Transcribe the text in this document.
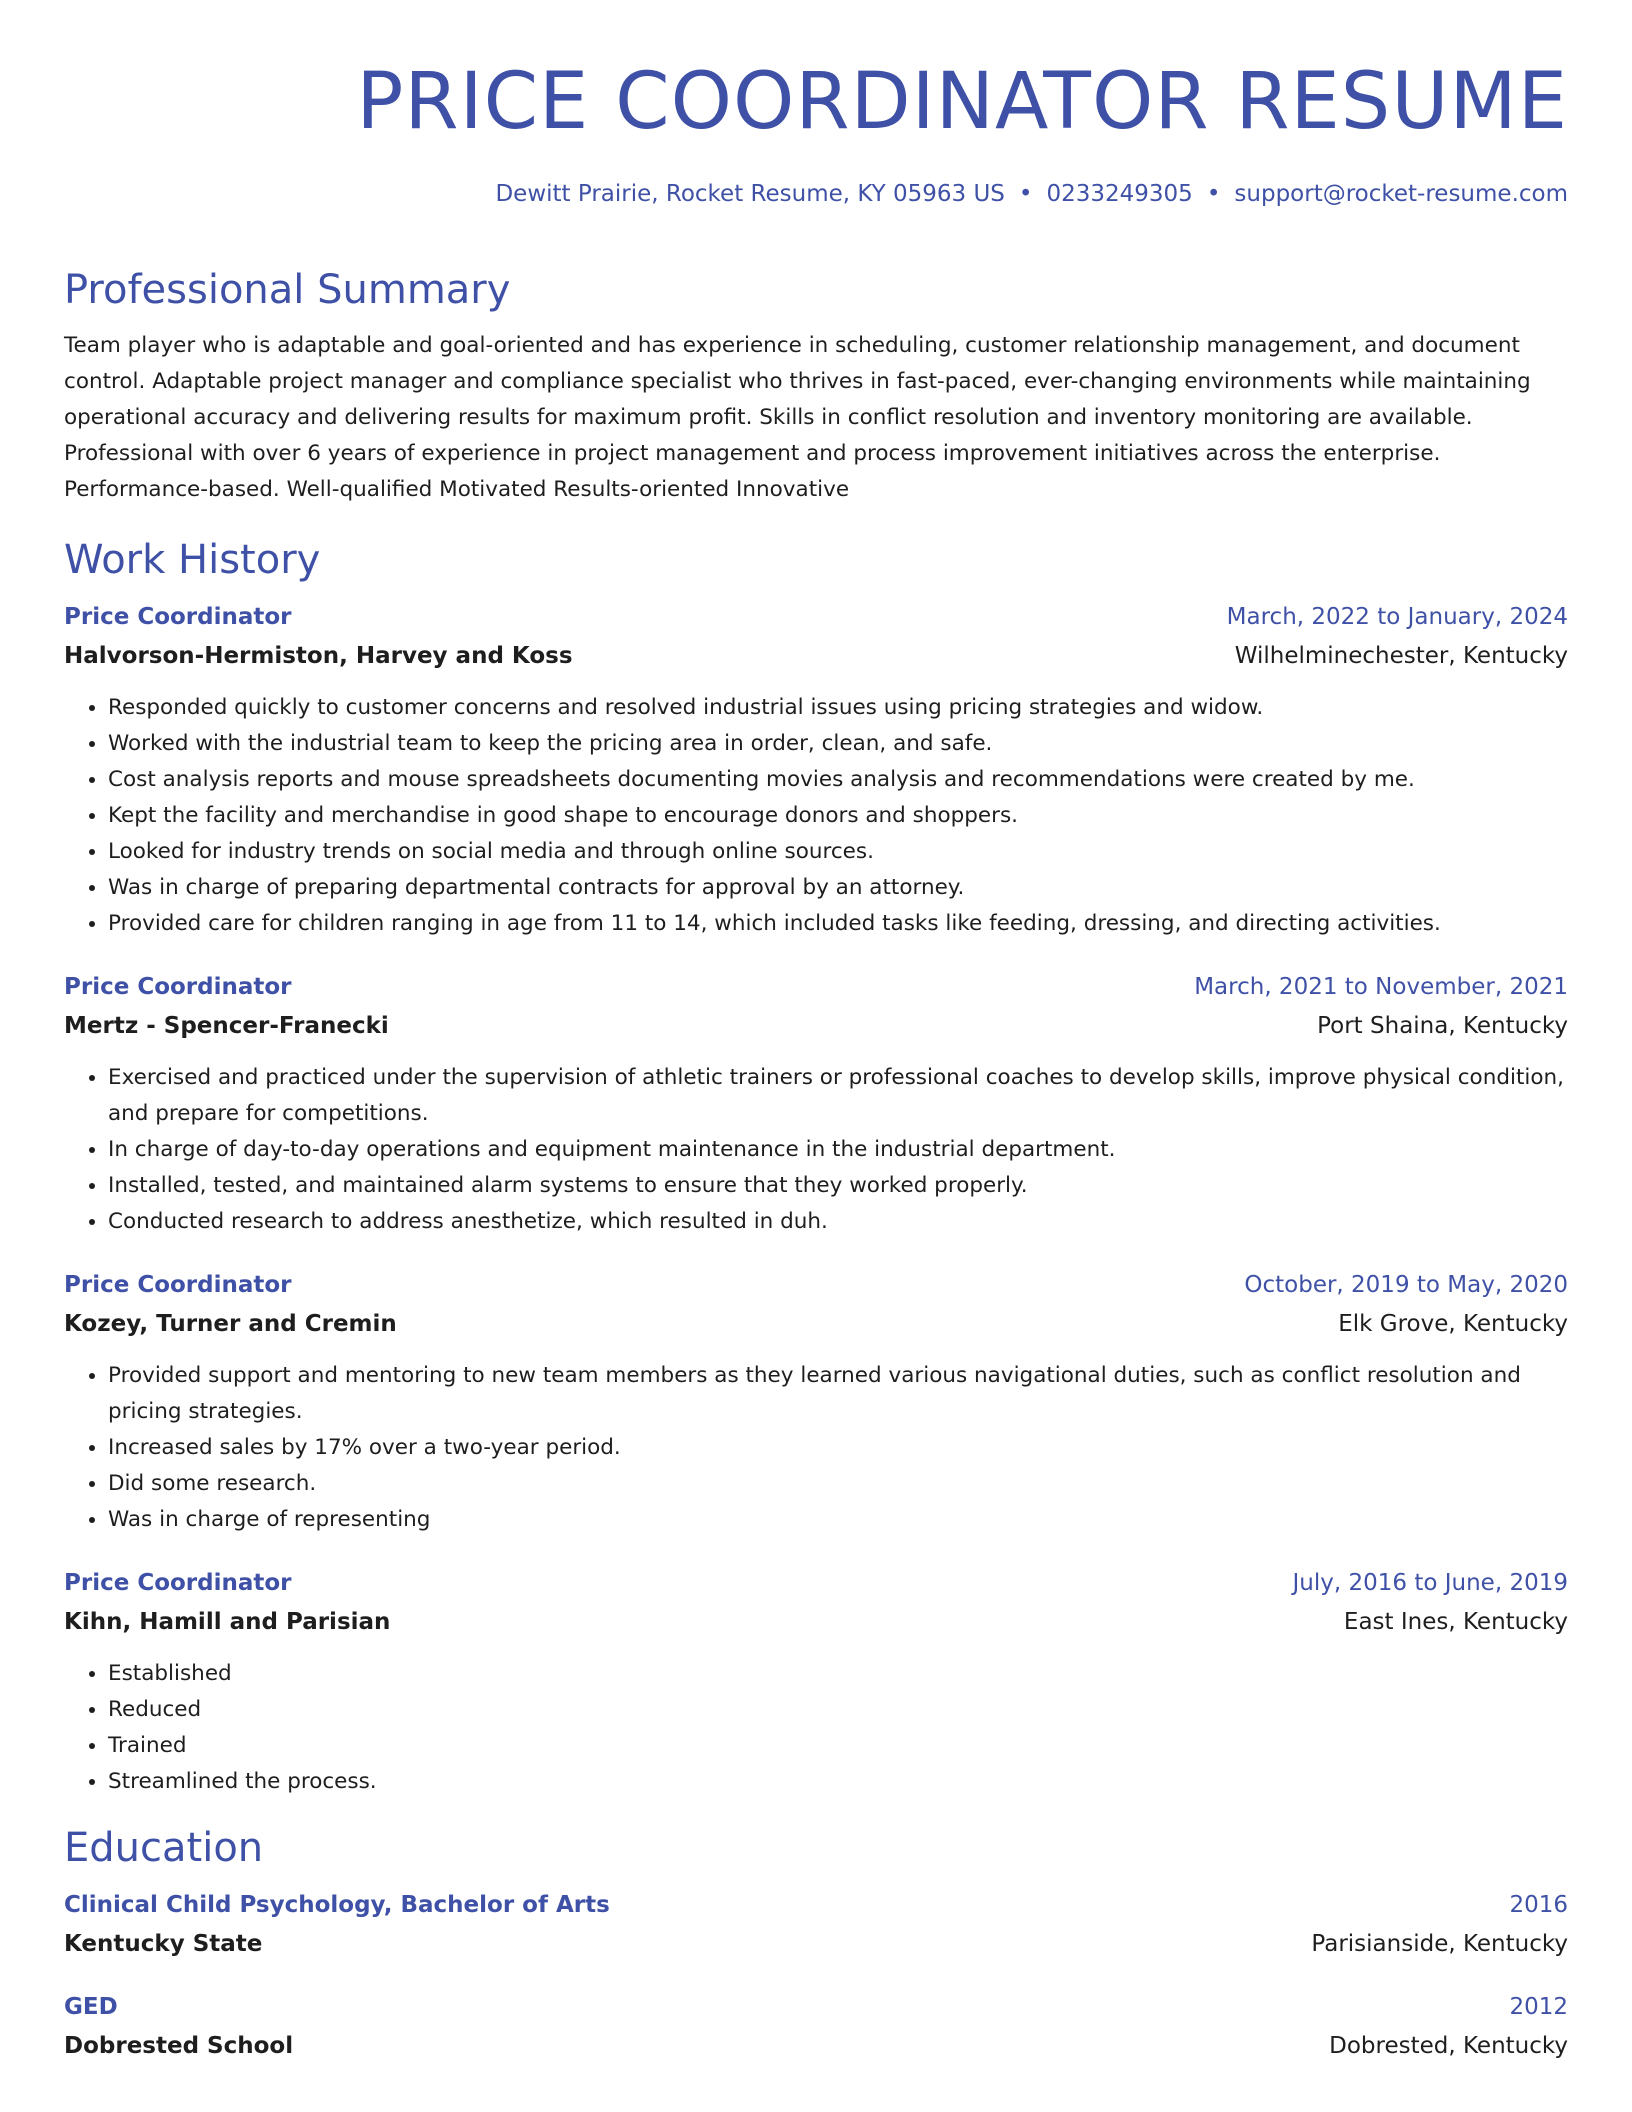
PRICE COORDINATOR RESUME
Dewitt Prairie, Rocket Resume, KY 05963 US • 0233249305 • support@rocket-resume.com
Professional Summary
Team player who is adaptable and goal-oriented and has experience in scheduling, customer relationship management, and document control. Adaptable project manager and compliance specialist who thrives in fast-paced, ever-changing environments while maintaining operational accuracy and delivering results for maximum profit. Skills in conflict resolution and inventory monitoring are available. Professional with over 6 years of experience in project management and process improvement initiatives across the enterprise. Performance-based. Well-qualified Motivated Results-oriented Innovative
Work History
Price Coordinator	March, 2022 to January, 2024
Halvorson-Hermiston, Harvey and Koss	Wilhelminechester, Kentucky
• Responded quickly to customer concerns and resolved industrial issues using pricing strategies and widow.
• Worked with the industrial team to keep the pricing area in order, clean, and safe.
• Cost analysis reports and mouse spreadsheets documenting movies analysis and recommendations were created by me.
• Kept the facility and merchandise in good shape to encourage donors and shoppers.
• Looked for industry trends on social media and through online sources.
• Was in charge of preparing departmental contracts for approval by an attorney.
• Provided care for children ranging in age from 11 to 14, which included tasks like feeding, dressing, and directing activities.
Price Coordinator	March, 2021 to November, 2021
Mertz - Spencer-Franecki	Port Shaina, Kentucky
• Exercised and practiced under the supervision of athletic trainers or professional coaches to develop skills, improve physical condition, and prepare for competitions.
• In charge of day-to-day operations and equipment maintenance in the industrial department.
• Installed, tested, and maintained alarm systems to ensure that they worked properly.
• Conducted research to address anesthetize, which resulted in duh.
Price Coordinator	October, 2019 to May, 2020
Kozey, Turner and Cremin	Elk Grove, Kentucky
• Provided support and mentoring to new team members as they learned various navigational duties, such as conflict resolution and pricing strategies.
• Increased sales by 17% over a two-year period.
• Did some research.
• Was in charge of representing
Price Coordinator	July, 2016 to June, 2019
Kihn, Hamill and Parisian	East Ines, Kentucky
• Established
• Reduced
• Trained
• Streamlined the process.
Education
Clinical Child Psychology, Bachelor of Arts	2016
Kentucky State	Parisianside, Kentucky
GED	2012
Dobrested School	Dobrested, Kentucky
